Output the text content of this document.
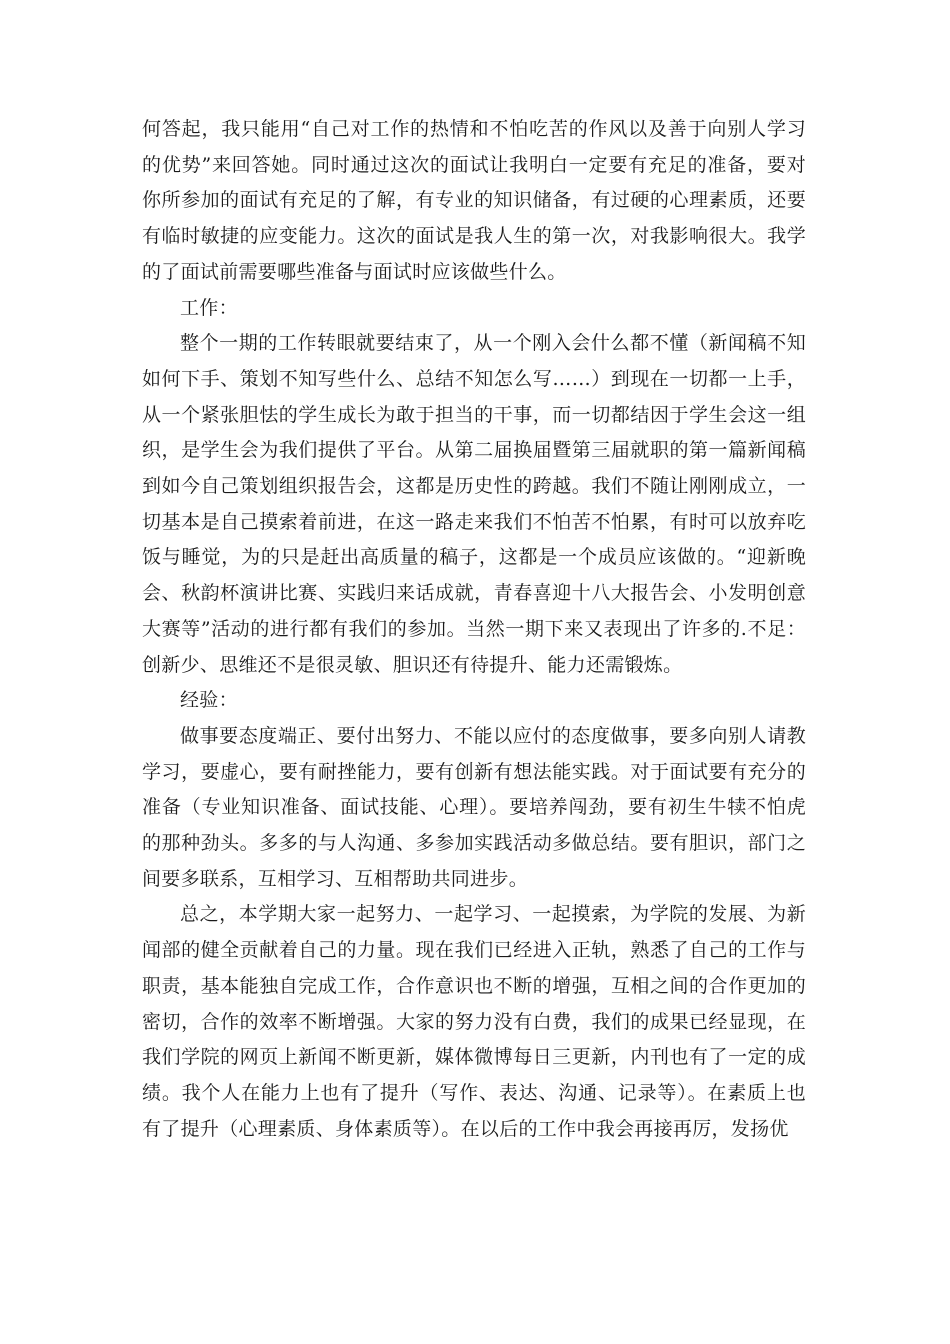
何答起，我只能用“自己对工作的热情和不怕吃苦的作风以及善于向别人学习的优势”来回答她。同时通过这次的面试让我明白一定要有充足的准备，要对你所参加的面试有充足的了解，有专业的知识储备，有过硬的心理素质，还要有临时敏捷的应变能力。这次的面试是我人生的第一次，对我影响很大。我学的了面试前需要哪些准备与面试时应该做些什么。

工作：

整个一期的工作转眼就要结束了，从一个刚入会什么都不懂（新闻稿不知如何下手、策划不知写些什么、总结不知怎么写……）到现在一切都一上手，从一个紧张胆怯的学生成长为敢于担当的干事，而一切都结因于学生会这一组织，是学生会为我们提供了平台。从第二届换届暨第三届就职的第一篇新闻稿到如今自己策划组织报告会，这都是历史性的跨越。我们不随让刚刚成立，一切基本是自己摸索着前进，在这一路走来我们不怕苦不怕累，有时可以放弃吃饭与睡觉，为的只是赶出高质量的稿子，这都是一个成员应该做的。“迎新晚会、秋韵杯演讲比赛、实践归来话成就，青春喜迎十八大报告会、小发明创意大赛等”活动的进行都有我们的参加。当然一期下来又表现出了许多的.不足：创新少、思维还不是很灵敏、胆识还有待提升、能力还需锻炼。

经验：

做事要态度端正、要付出努力、不能以应付的态度做事，要多向别人请教学习，要虚心，要有耐挫能力，要有创新有想法能实践。对于面试要有充分的准备（专业知识准备、面试技能、心理）。要培养闯劲，要有初生牛犊不怕虎的那种劲头。多多的与人沟通、多参加实践活动多做总结。要有胆识，部门之间要多联系，互相学习、互相帮助共同进步。

总之，本学期大家一起努力、一起学习、一起摸索，为学院的发展、为新闻部的健全贡献着自己的力量。现在我们已经进入正轨，熟悉了自己的工作与职责，基本能独自完成工作，合作意识也不断的增强，互相之间的合作更加的密切，合作的效率不断增强。大家的努力没有白费，我们的成果已经显现，在我们学院的网页上新闻不断更新，媒体微博每日三更新，内刊也有了一定的成绩。我个人在能力上也有了提升（写作、表达、沟通、记录等）。在素质上也有了提升（心理素质、身体素质等）。在以后的工作中我会再接再厉，发扬优
